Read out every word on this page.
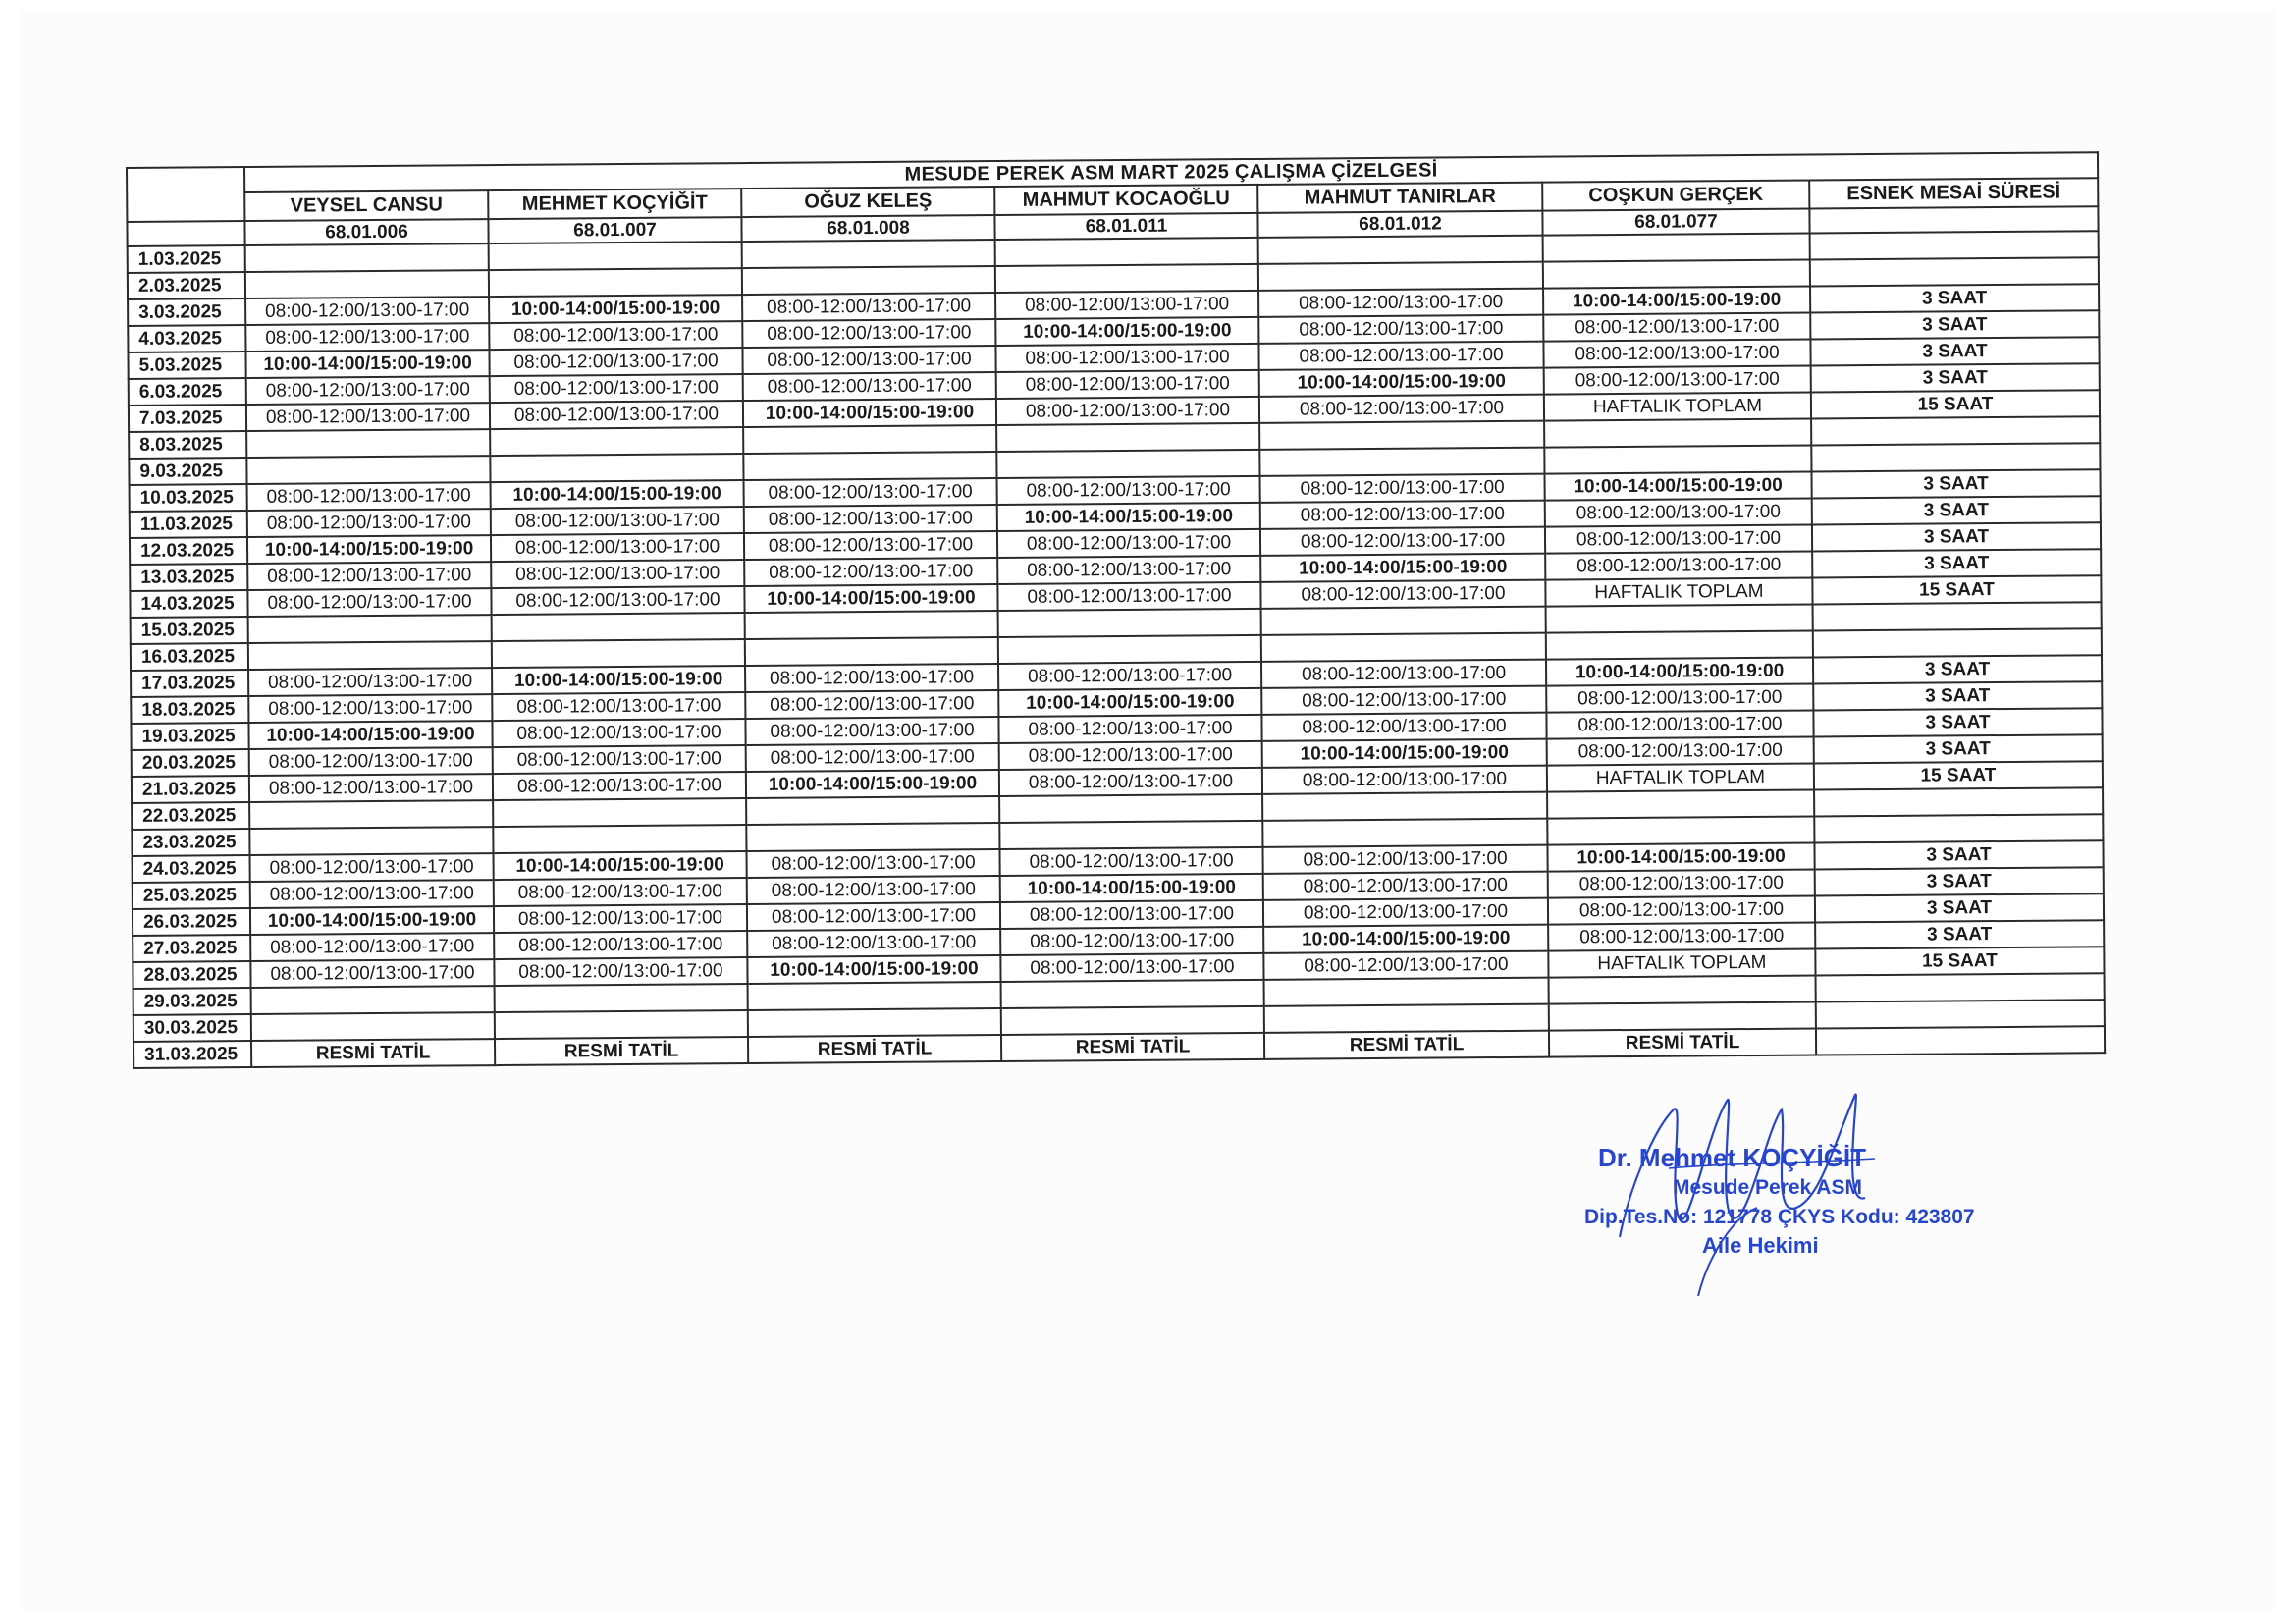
	MESUDE PEREK ASM MART 2025 ÇALIŞMA ÇİZELGESİ						
	VEYSEL CANSU	MEHMET KOÇYİĞİT	OĞUZ KELEŞ	MAHMUT KOCAOĞLU	MAHMUT TANIRLAR	COŞKUN GERÇEK	ESNEK MESAİ SÜRESİ
	68.01.006	68.01.007	68.01.008	68.01.011	68.01.012	68.01.077	
1.03.2025							
2.03.2025							
3.03.2025	08:00-12:00/13:00-17:00	10:00-14:00/15:00-19:00	08:00-12:00/13:00-17:00	08:00-12:00/13:00-17:00	08:00-12:00/13:00-17:00	10:00-14:00/15:00-19:00	3 SAAT
4.03.2025	08:00-12:00/13:00-17:00	08:00-12:00/13:00-17:00	08:00-12:00/13:00-17:00	10:00-14:00/15:00-19:00	08:00-12:00/13:00-17:00	08:00-12:00/13:00-17:00	3 SAAT
5.03.2025	10:00-14:00/15:00-19:00	08:00-12:00/13:00-17:00	08:00-12:00/13:00-17:00	08:00-12:00/13:00-17:00	08:00-12:00/13:00-17:00	08:00-12:00/13:00-17:00	3 SAAT
6.03.2025	08:00-12:00/13:00-17:00	08:00-12:00/13:00-17:00	08:00-12:00/13:00-17:00	08:00-12:00/13:00-17:00	10:00-14:00/15:00-19:00	08:00-12:00/13:00-17:00	3 SAAT
7.03.2025	08:00-12:00/13:00-17:00	08:00-12:00/13:00-17:00	10:00-14:00/15:00-19:00	08:00-12:00/13:00-17:00	08:00-12:00/13:00-17:00	HAFTALIK TOPLAM	15 SAAT
8.03.2025							
9.03.2025							
10.03.2025	08:00-12:00/13:00-17:00	10:00-14:00/15:00-19:00	08:00-12:00/13:00-17:00	08:00-12:00/13:00-17:00	08:00-12:00/13:00-17:00	10:00-14:00/15:00-19:00	3 SAAT
11.03.2025	08:00-12:00/13:00-17:00	08:00-12:00/13:00-17:00	08:00-12:00/13:00-17:00	10:00-14:00/15:00-19:00	08:00-12:00/13:00-17:00	08:00-12:00/13:00-17:00	3 SAAT
12.03.2025	10:00-14:00/15:00-19:00	08:00-12:00/13:00-17:00	08:00-12:00/13:00-17:00	08:00-12:00/13:00-17:00	08:00-12:00/13:00-17:00	08:00-12:00/13:00-17:00	3 SAAT
13.03.2025	08:00-12:00/13:00-17:00	08:00-12:00/13:00-17:00	08:00-12:00/13:00-17:00	08:00-12:00/13:00-17:00	10:00-14:00/15:00-19:00	08:00-12:00/13:00-17:00	3 SAAT
14.03.2025	08:00-12:00/13:00-17:00	08:00-12:00/13:00-17:00	10:00-14:00/15:00-19:00	08:00-12:00/13:00-17:00	08:00-12:00/13:00-17:00	HAFTALIK TOPLAM	15 SAAT
15.03.2025							
16.03.2025							
17.03.2025	08:00-12:00/13:00-17:00	10:00-14:00/15:00-19:00	08:00-12:00/13:00-17:00	08:00-12:00/13:00-17:00	08:00-12:00/13:00-17:00	10:00-14:00/15:00-19:00	3 SAAT
18.03.2025	08:00-12:00/13:00-17:00	08:00-12:00/13:00-17:00	08:00-12:00/13:00-17:00	10:00-14:00/15:00-19:00	08:00-12:00/13:00-17:00	08:00-12:00/13:00-17:00	3 SAAT
19.03.2025	10:00-14:00/15:00-19:00	08:00-12:00/13:00-17:00	08:00-12:00/13:00-17:00	08:00-12:00/13:00-17:00	08:00-12:00/13:00-17:00	08:00-12:00/13:00-17:00	3 SAAT
20.03.2025	08:00-12:00/13:00-17:00	08:00-12:00/13:00-17:00	08:00-12:00/13:00-17:00	08:00-12:00/13:00-17:00	10:00-14:00/15:00-19:00	08:00-12:00/13:00-17:00	3 SAAT
21.03.2025	08:00-12:00/13:00-17:00	08:00-12:00/13:00-17:00	10:00-14:00/15:00-19:00	08:00-12:00/13:00-17:00	08:00-12:00/13:00-17:00	HAFTALIK TOPLAM	15 SAAT
22.03.2025							
23.03.2025							
24.03.2025	08:00-12:00/13:00-17:00	10:00-14:00/15:00-19:00	08:00-12:00/13:00-17:00	08:00-12:00/13:00-17:00	08:00-12:00/13:00-17:00	10:00-14:00/15:00-19:00	3 SAAT
25.03.2025	08:00-12:00/13:00-17:00	08:00-12:00/13:00-17:00	08:00-12:00/13:00-17:00	10:00-14:00/15:00-19:00	08:00-12:00/13:00-17:00	08:00-12:00/13:00-17:00	3 SAAT
26.03.2025	10:00-14:00/15:00-19:00	08:00-12:00/13:00-17:00	08:00-12:00/13:00-17:00	08:00-12:00/13:00-17:00	08:00-12:00/13:00-17:00	08:00-12:00/13:00-17:00	3 SAAT
27.03.2025	08:00-12:00/13:00-17:00	08:00-12:00/13:00-17:00	08:00-12:00/13:00-17:00	08:00-12:00/13:00-17:00	10:00-14:00/15:00-19:00	08:00-12:00/13:00-17:00	3 SAAT
28.03.2025	08:00-12:00/13:00-17:00	08:00-12:00/13:00-17:00	10:00-14:00/15:00-19:00	08:00-12:00/13:00-17:00	08:00-12:00/13:00-17:00	HAFTALIK TOPLAM	15 SAAT
29.03.2025							
30.03.2025							
31.03.2025	RESMİ TATİL	RESMİ TATİL	RESMİ TATİL	RESMİ TATİL	RESMİ TATİL	RESMİ TATİL	
Dr. Mehmet KOÇYİĞİT
Mesude Perek ASM
Dip.Tes.No: 121778 ÇKYS Kodu: 423807
Aile Hekimi
